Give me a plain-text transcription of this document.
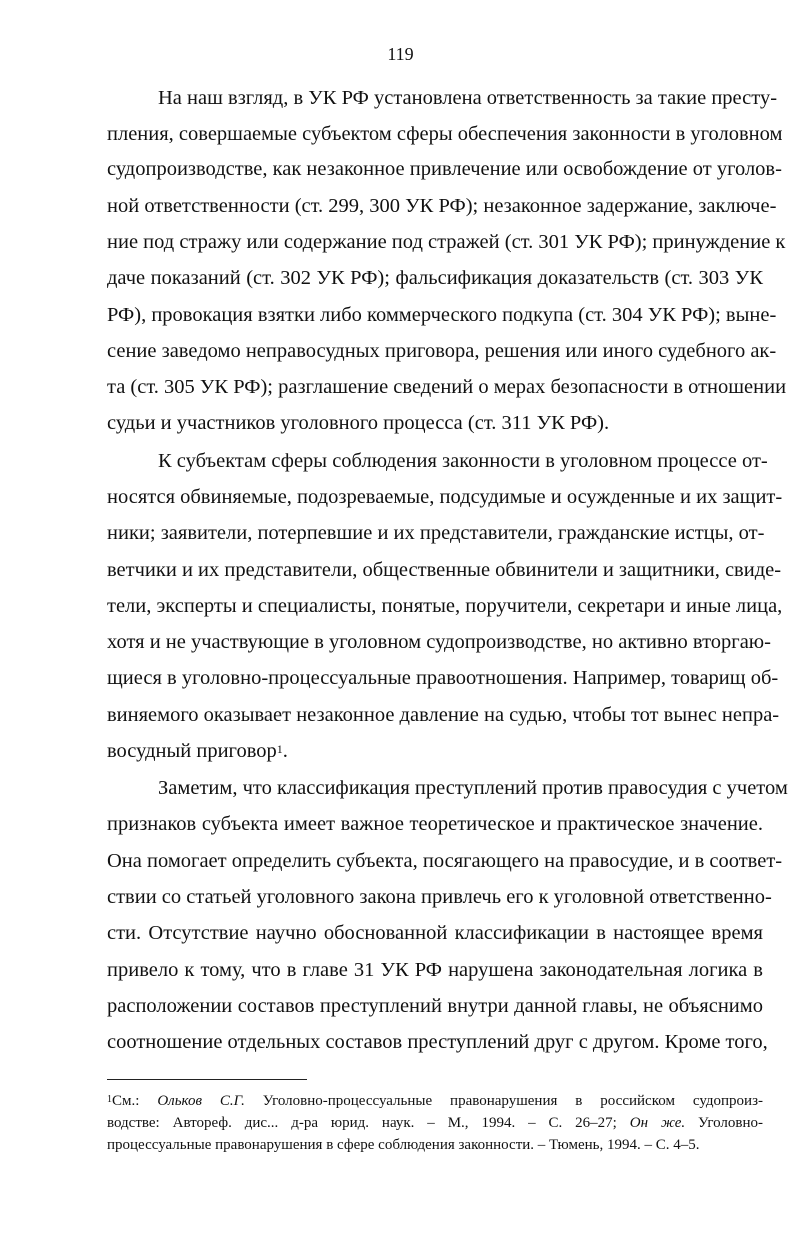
119
На наш взгляд, в УК РФ установлена ответственность за такие престу-
пления, совершаемые субъектом сферы обеспечения законности в уголовном
судопроизводстве, как незаконное привлечение или освобождение от уголов-
ной ответственности (ст. 299, 300 УК РФ); незаконное задержание, заключе-
ние под стражу или содержание под стражей (ст. 301 УК РФ); принуждение к
даче показаний (ст. 302 УК РФ); фальсификация доказательств (ст. 303 УК
РФ), провокация взятки либо коммерческого подкупа (ст. 304 УК РФ); выне-
сение заведомо неправосудных приговора, решения или иного судебного ак-
та (ст. 305 УК РФ); разглашение сведений о мерах безопасности в отношении
судьи и участников уголовного процесса (ст. 311 УК РФ).
К субъектам сферы соблюдения законности в уголовном процессе от-
носятся обвиняемые, подозреваемые, подсудимые и осужденные и их защит-
ники; заявители, потерпевшие и их представители, гражданские истцы, от-
ветчики и их представители, общественные обвинители и защитники, свиде-
тели, эксперты и специалисты, понятые, поручители, секретари и иные лица,
хотя и не участвующие в уголовном судопроизводстве, но активно вторгаю-
щиеся в уголовно-процессуальные правоотношения. Например, товарищ об-
виняемого оказывает незаконное давление на судью, чтобы тот вынес непра-
восудный приговор$^1$.
Заметим, что классификация преступлений против правосудия с учетом
признаков субъекта имеет важное теоретическое и практическое значение.
Она помогает определить субъекта, посягающего на правосудие, и в соответ-
ствии со статьей уголовного закона привлечь его к уголовной ответственно-
сти. Отсутствие научно обоснованной классификации в настоящее время
привело к тому, что в главе 31 УК РФ нарушена законодательная логика в
расположении составов преступлений внутри данной главы, не объяснимо
соотношение отдельных составов преступлений друг с другом. Кроме того,
$^1$См.: Ольков С.Г. Уголовно-процессуальные правонарушения в российском судопроиз-
водстве: Автореф. дис... д-ра юрид. наук. – М., 1994. – С. 26–27; Он же. Уголовно-
процессуальные правонарушения в сфере соблюдения законности. – Тюмень, 1994. – С. 4–5.
